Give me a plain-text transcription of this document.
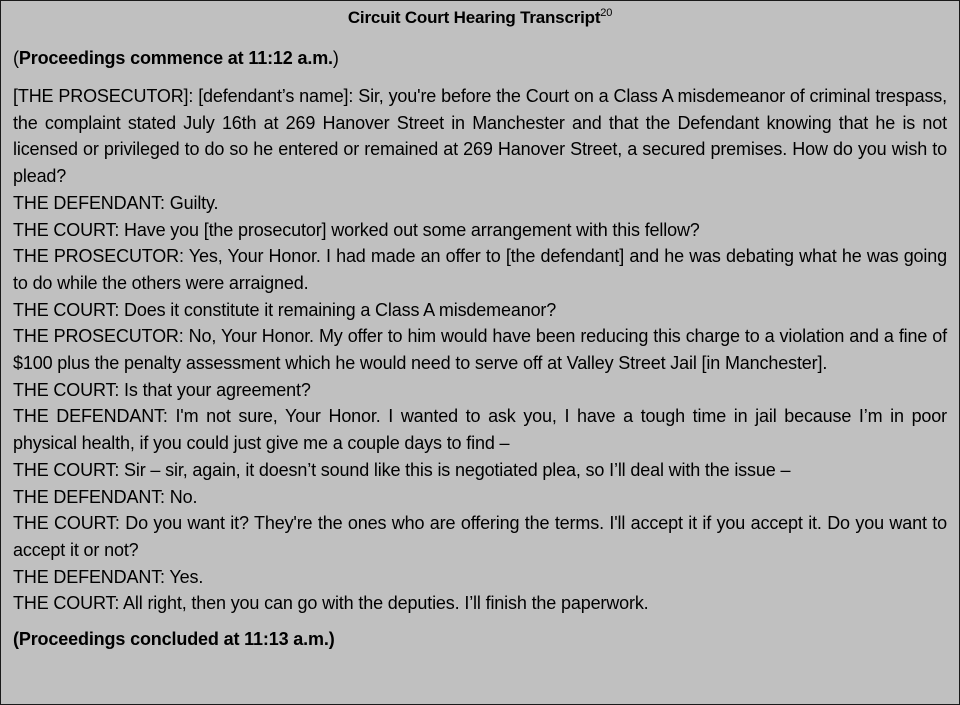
Circuit Court Hearing Transcript$^{20}$

(Proceedings commence at 11:12 a.m.)

[THE PROSECUTOR]: [defendant’s name]: Sir, you're before the Court on a Class A misdemeanor of criminal trespass, the complaint stated July 16th at 269 Hanover Street in Manchester and that the Defendant knowing that he is not licensed or privileged to do so he entered or remained at 269 Hanover Street, a secured premises. How do you wish to plead?

THE DEFENDANT: Guilty.

THE COURT: Have you [the prosecutor] worked out some arrangement with this fellow?

THE PROSECUTOR: Yes, Your Honor. I had made an offer to [the defendant] and he was debating what he was going to do while the others were arraigned.

THE COURT: Does it constitute it remaining a Class A misdemeanor?

THE PROSECUTOR: No, Your Honor. My offer to him would have been reducing this charge to a violation and a fine of $100 plus the penalty assessment which he would need to serve off at Valley Street Jail [in Manchester].

THE COURT: Is that your agreement?

THE DEFENDANT: I'm not sure, Your Honor. I wanted to ask you, I have a tough time in jail because I’m in poor physical health, if you could just give me a couple days to find –

THE COURT: Sir – sir, again, it doesn’t sound like this is negotiated plea, so I’ll deal with the issue –

THE DEFENDANT: No.

THE COURT: Do you want it? They're the ones who are offering the terms. I'll accept it if you accept it. Do you want to accept it or not?

THE DEFENDANT: Yes.

THE COURT: All right, then you can go with the deputies. I’ll finish the paperwork.

(Proceedings concluded at 11:13 a.m.)
